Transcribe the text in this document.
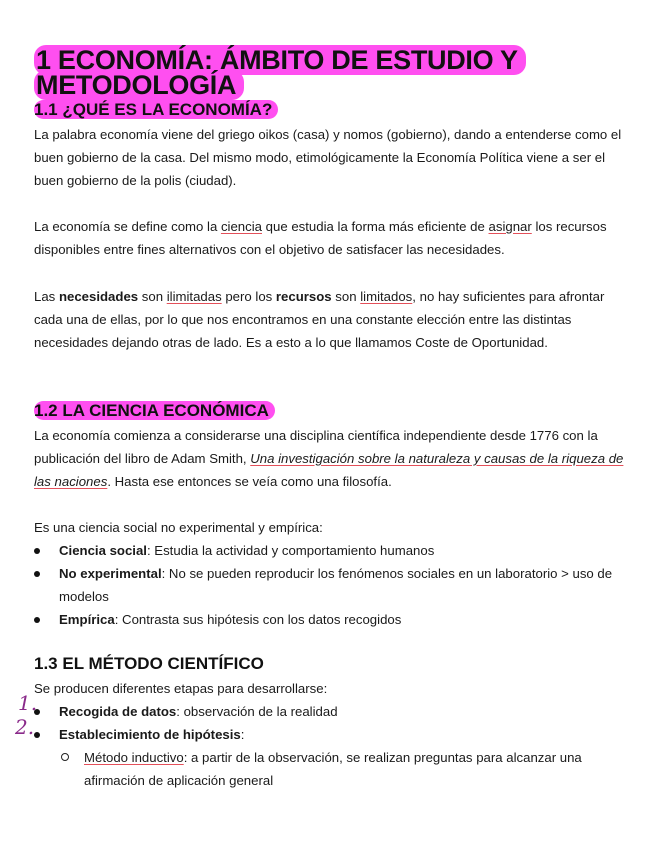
1 ECONOMÍA: ÁMBITO DE ESTUDIO Y METODOLOGÍA
1.1 ¿QUÉ ES LA ECONOMÍA?

La palabra economía viene del griego oikos (casa) y nomos (gobierno), dando a entenderse como el buen gobierno de la casa. Del mismo modo, etimológicamente la Economía Política viene a ser el buen gobierno de la polis (ciudad).

La economía se define como la ciencia que estudia la forma más eficiente de asignar los recursos disponibles entre fines alternativos con el objetivo de satisfacer las necesidades.

Las necesidades son ilimitadas pero los recursos son limitados, no hay suficientes para afrontar cada una de ellas, por lo que nos encontramos en una constante elección entre las distintas necesidades dejando otras de lado. Es a esto a lo que llamamos Coste de Oportunidad.

1.2 LA CIENCIA ECONÓMICA

La economía comienza a considerarse una disciplina científica independiente desde 1776 con la publicación del libro de Adam Smith, Una investigación sobre la naturaleza y causas de la riqueza de las naciones. Hasta ese entonces se veía como una filosofía.

Es una ciencia social no experimental y empírica:

Ciencia social: Estudia la actividad y comportamiento humanos
No experimental: No se pueden reproducir los fenómenos sociales en un laboratorio > uso de modelos
Empírica: Contrasta sus hipótesis con los datos recogidos
1.3 EL MÉTODO CIENTÍFICO

Se producen diferentes etapas para desarrollarse:

Recogida de datos: observación de la realidad
Establecimiento de hipótesis:
Método inductivo: a partir de la observación, se realizan preguntas para alcanzar una afirmación de aplicación general
1.
2.
